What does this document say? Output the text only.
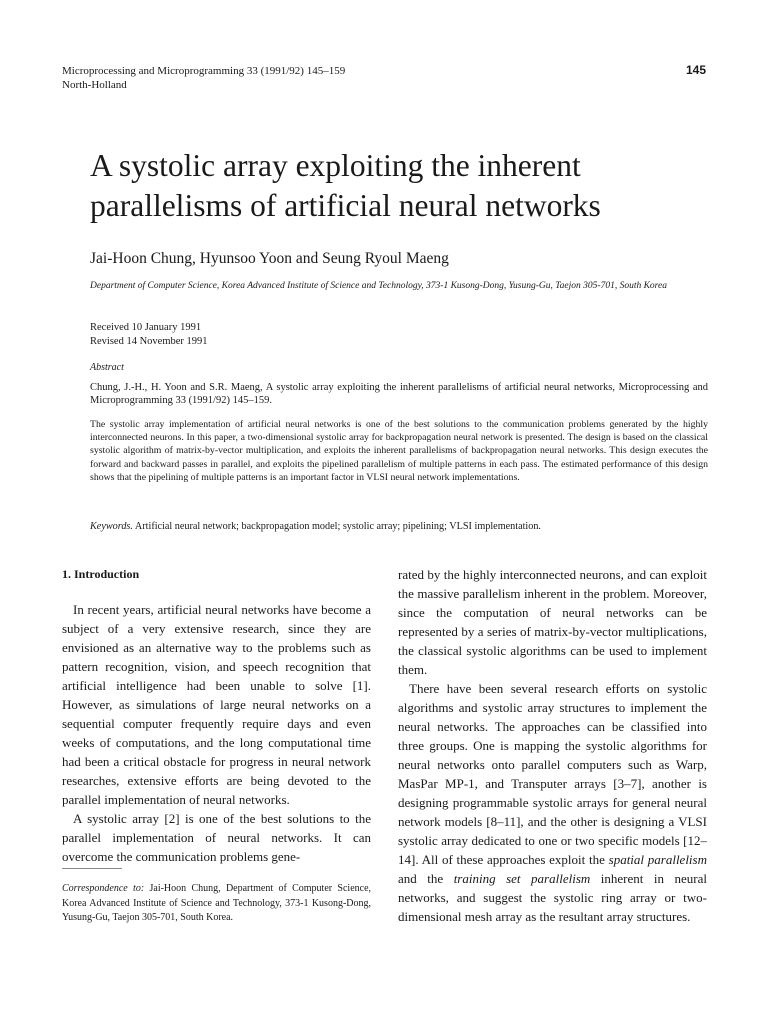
Microprocessing and Microprogramming 33 (1991/92) 145–159
North-Holland
145
A systolic array exploiting the inherent
parallelisms of artificial neural networks
Jai-Hoon Chung, Hyunsoo Yoon and Seung Ryoul Maeng
Department of Computer Science, Korea Advanced Institute of Science and Technology, 373-1 Kusong-Dong, Yusung-Gu, Taejon 305-701, South Korea
Received 10 January 1991
Revised 14 November 1991
Abstract
Chung, J.-H., H. Yoon and S.R. Maeng, A systolic array exploiting the inherent parallelisms of artificial neural networks, Microprocessing and Microprogramming 33 (1991/92) 145–159.
The systolic array implementation of artificial neural networks is one of the best solutions to the communication problems generated by the highly interconnected neurons. In this paper, a two-dimensional systolic array for backpropagation neural network is presented. The design is based on the classical systolic algorithm of matrix-by-vector multiplication, and exploits the inherent parallelisms of backpropagation neural networks. This design executes the forward and backward passes in parallel, and exploits the pipelined parallelism of multiple patterns in each pass. The estimated performance of this design shows that the pipelining of multiple patterns is an important factor in VLSI neural network implementations.
Keywords. Artificial neural network; backpropagation model; systolic array; pipelining; VLSI implementation.
1. Introduction

In recent years, artificial neural networks have become a subject of a very extensive research, since they are envisioned as an alternative way to the problems such as pattern recognition, vision, and speech recognition that artificial intelligence had been unable to solve [1]. However, as simulations of large neural networks on a sequential computer frequently require days and even weeks of computations, and the long computational time had been a critical obstacle for progress in neural network researches, extensive efforts are being devoted to the parallel implementation of neural networks.

A systolic array [2] is one of the best solutions to the parallel implementation of neural networks. It can overcome the communication problems gene-

rated by the highly interconnected neurons, and can exploit the massive parallelism inherent in the problem. Moreover, since the computation of neural networks can be represented by a series of matrix-by-vector multiplications, the classical systolic algorithms can be used to implement them.

There have been several research efforts on systolic algorithms and systolic array structures to implement the neural networks. The approaches can be classified into three groups. One is mapping the systolic algorithms for neural networks onto parallel computers such as Warp, MasPar MP-1, and Transputer arrays [3–7], another is designing programmable systolic arrays for general neural network models [8–11], and the other is designing a VLSI systolic array dedicated to one or two specific models [12–14]. All of these approaches exploit the spatial parallelism and the training set parallelism inherent in neural networks, and suggest the systolic ring array or two-dimensional mesh array as the resultant array structures.

Correspondence to: Jai-Hoon Chung, Department of Computer Science, Korea Advanced Institute of Science and Technology, 373-1 Kusong-Dong, Yusung-Gu, Taejon 305-701, South Korea.
